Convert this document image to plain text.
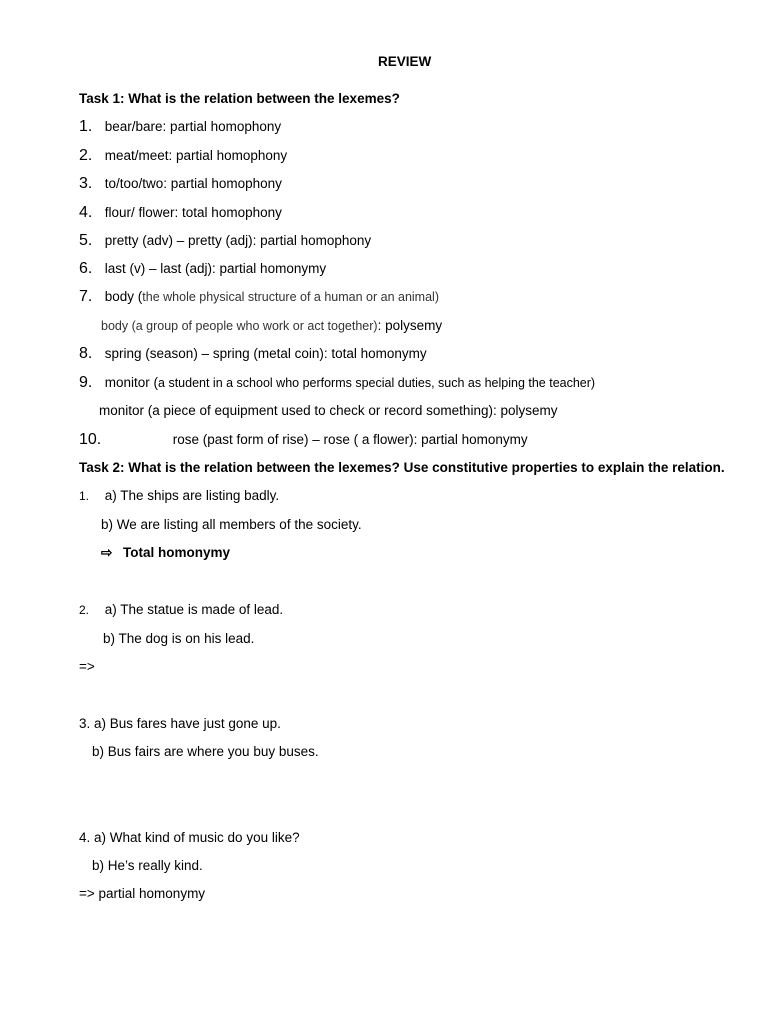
REVIEW
Task 1: What is the relation between the lexemes?
1. bear/bare: partial homophony
2. meat/meet: partial homophony
3. to/too/two: partial homophony
4. flour/ flower: total homophony
5. pretty (adv) – pretty (adj): partial homophony
6. last (v) – last (adj): partial homonymy
7. body (the whole physical structure of a human or an animal)
body (a group of people who work or act together): polysemy
8. spring (season) – spring (metal coin): total homonymy
9. monitor (a student in a school who performs special duties, such as helping the teacher)
monitor (a piece of equipment used to check or record something): polysemy
10.	rose (past form of rise) – rose ( a flower): partial homonymy
Task 2: What is the relation between the lexemes? Use constitutive properties to explain the relation.
1. a) The ships are listing badly.
b) We are listing all members of the society.
⇨ Total homonymy
2. a) The statue is made of lead.
b) The dog is on his lead.
=>
3. a) Bus fares have just gone up.
b) Bus fairs are where you buy buses.
4. a) What kind of music do you like?
b) He’s really kind.
=> partial homonymy
